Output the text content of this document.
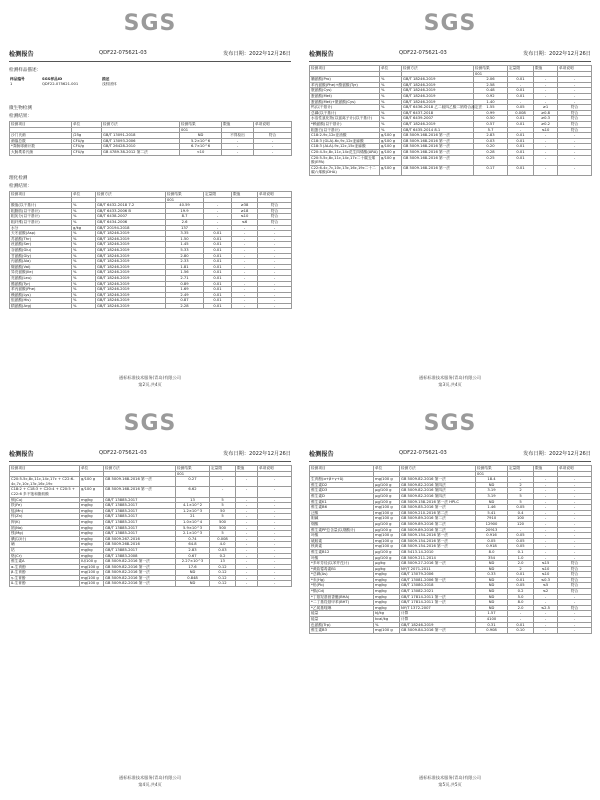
SGS
检测报告	QDF22-075621-03	发布日期：2022年12月26日
检测样品描述：
样品编号	SGS样品ID	描述
1	QDF22-075621.001	浅棕固体
微生物检测
检测结果：
检测项目	单位	检测方法	检测结果	限值	单项说明
			001		
沙门氏菌	/25g	GB/T 13091-2018	ND	不得检出	符合
菌落总数	CFU/g	GB/T 13093-2006	5.2×10^6	-	-
*粪肠球菌计数	CFU/g	GB/T 26428-2010	6.7×10^6	-	-
大肠埃希氏菌	CFU/g	GB 4789.38-2012 第二法	<10	-	-
理化检测
检测结果：
检测项目	单位	检测方法	检测结果	定量限	限值	单项说明
			001			
酸值(以干基计)	%	GB/T 6432-2018 7.2	40.59	-	≥38	符合
粗脂肪(以干基计)	%	GB/T 6433-2006 B	19.9	-	≥18	符合
粗灰分(以干基计)	%	GB/T 6438-2007	8.7	-	≤10	符合
粗纤维(以干基计)	%	GB/T 6434-2006	2.6	-	≤6	符合
水分	g/kg	GB/T 20194-2018	137	-	-	-
天冬氨酸(Asp)	%	GB/T 18246-2019	3.35	0.01	-	-
苏氨酸(Thr)	%	GB/T 18246-2019	1.50	0.01	-	-
丝氨酸(Ser)	%	GB/T 18246-2019	1.45	0.01	-	-
谷氨酸(Glu)	%	GB/T 18246-2019	5.33	0.01	-	-
甘氨酸(Gly)	%	GB/T 18246-2019	2.80	0.01	-	-
丙氨酸(Ala)	%	GB/T 18246-2019	2.33	0.01	-	-
缬氨酸(Val)	%	GB/T 18246-2019	1.81	0.01	-	-
异亮氨酸(Ile)	%	GB/T 18246-2019	1.56	0.01	-	-
亮氨酸(Leu)	%	GB/T 18246-2019	2.71	0.01	-	-
酪氨酸(Tyr)	%	GB/T 18246-2019	0.89	0.01	-	-
苯丙氨酸(Phe)	%	GB/T 18246-2019	1.69	0.01	-	-
赖氨酸(Lys)	%	GB/T 18246-2019	2.49	0.01	-	-
组氨酸(His)	%	GB/T 18246-2019	0.87	0.01	-	-
精氨酸(Arg)	%	GB/T 18246-2019	2.28	0.01	-	-
通标标准技术服务(青岛)有限公司
第2页,共4页
SGS
检测报告	QDF22-075621-03	发布日期：2022年12月26日
检测项目	单位	检测方法	检测结果	定量限	限值	单项说明
			001			
脯氨酸(Pro)	%	GB/T 18246-2019	2.06	0.01	-	-
苯丙氨酸(Phe)+酪氨酸(Tyr)	%	GB/T 18246-2019	2.58	-	-	-
胱氨酸(Cys)	%	GB/T 18246-2019	0.48	0.01	-	-
蛋氨酸(Met)	%	GB/T 18246-2019	0.92	0.01	-	-
蛋氨酸(Met)+胱氨酸(Cys)	%	GB/T 18246-2019	1.40	-	-	-
钙(以干基计)	%	GB/T 6436-2018 乙二胺四乙酸二钠络合滴定法	1.55	0.05	≥1	符合
总磷(以干基计)	%	GB/T 6437-2018	0.99	0.008	≥0.8	符合
水溶性氯化物(以氯离子计)(以干基计)	%	GB/T 6439-2007	0.50	0.01	≥0.3	符合
*赖氨酸(以干基计)	%	GB/T 18246-2019	0.57	0.01	≥0.2	符合
粗蛋白(以干基计)	%	GB/T 6435-2014 8.1	5.7	-	≤10	符合
C18:2-9c,12c亚油酸	g/100 g	GB 5009.168-2016 第一法	2.83	0.01	-	-
C18:3 (GLA)-6c,9c,12c亚麻酸	g/100 g	GB 5009.168-2016 第一法	0.03	0.01	-	-
C18:3 (ALA)-9c,12c,15c亚麻酸	g/100 g	GB 5009.168-2016 第一法	0.20	0.01	-	-
C20:4-5c,8c,11c,14c花生四烯酸(ARA)	g/100 g	GB 5009.168-2016 第一法	0.28	0.01	-	-
C20:5-5c,8c,11c,14c,17c二十碳五烯酸(EPA)	g/100 g	GB 5009.168-2016 第一法	0.25	0.01	-	-
C22:6-4c,7c,10c,13c,16c,19c二十二碳六烯酸(DHA)	g/100 g	GB 5009.168-2016 第一法	0.17	0.01	-	-
通标标准技术服务(青岛)有限公司
第3页,共4页
SGS
检测报告	QDF22-075621-03	发布日期：2022年12月26日
检测项目	单位	检测方法	检测结果	定量限	限值	单项说明
			001			
C20:5-5c,8c,11c,14c,17c + C22:6-4c,7c,10c,13c,16c,19c	g/100 g	GB 5009.168-2016 第一法	0.27	-	-	-
C18:2 + C18:3 + C20:4 + C20:5 + C22:6 多不饱和脂肪酸	g/100 g	GB 5009.168-2016 第一法	6.62	-	-	-
铜(Cu)	mg/kg	GB/T 13885-2017	13	5	-	-
铁(Fe)	mg/kg	GB/T 13885-2017	4.1×10^2	5	-	-
锰(Mn)	mg/kg	GB/T 13885-2017	1.2×10^3	50	-	-
锌(Zn)	mg/kg	GB/T 13885-2017	21	5	-	-
钾(K)	mg/kg	GB/T 13885-2017	1.0×10^4	500	-	-
钠(Na)	mg/kg	GB/T 13885-2017	5.9×10^3	500	-	-
镁(Mg)	mg/kg	GB/T 13885-2017	2.1×10^3	5	-	-
碘(以I计)	mg/kg	GB 5009.267-2016	0.74	0.008	-	-
硒	mg/kg	GB 5009.268-2016	64.8	4.0	-	-
钴	mg/kg	GB/T 13885-2017	2.83	0.03	-	-
铬(Cr)	mg/kg	GB/T 13883-2008	0.67	0.2	-	-
维生素A	IU/100 g	GB 5009.82-2016 第一法	2.27×10^3	13	-	-
α-生育酚	mg/100 g	GB 5009.82-2016 第一法	17.6	0.12	-	-
β-生育酚	mg/100 g	GB 5009.82-2016 第一法	ND	0.12	-	-
γ-生育酚	mg/100 g	GB 5009.82-2016 第一法	0.848	0.12	-	-
δ-生育酚	mg/100 g	GB 5009.82-2016 第一法	ND	0.12	-	-
通标标准技术服务(青岛)有限公司
第4页,共4页
SGS
检测报告	QDF22-075621-03	发布日期：2022年12月26日
检测项目	单位	检测方法	检测结果	定量限	限值	单项说明
			001			
生育酚(α+β+γ+δ)	mg/100 g	GB 5009.82-2016 第一法	18.4	-	-	-
维生素D2	μg/100 g	GB 5009.82-2016 第四法	ND	2	-	-
维生素D3	μg/100 g	GB 5009.82-2016 第四法	3.19	2	-	-
维生素D	μg/100 g	GB 5009.82-2016 第四法	3.19	5	-	-
维生素K1	μg/100 g	GB 5009.158-2016 第一法 HPLC	ND	5	-	-
维生素B6	mg/100 g	GB 5009.85-2016 第一法	1.46	0.05	-	-
泛酸	mg/100 g	GB 5009.210-2016 第二法	5.41	0.4	-	-
胆碱	mg/100 g	GB 5009.89-2016 第二法	7910	100	-	-
烟酸	μg/100 g	GB 5009.89-2016 第二法	12900	120	-	-
维生素PP总含量(以烟酸计)	μg/100 g	GB 5009.89-2016 第二法	20913	-	-	-
叶酸	mg/100 g	GB 5009.154-2016 第一法	0.916	0.05	-	-
硫胺素	mg/100 g	GB 5009.154-2016 第一法	0.05	0.05	-	-
核黄素	mg/100 g	GB 5009.154-2016 第一法	0.918	0.05	-	-
维生素B12	μg/100 g	GB 5413.14-2010	8.0	0.1	-	-
叶酸	μg/100 g	GB 5009.211-2014	354	1.0	-	-
*多环芳烃(以苯并芘计)	μg/kg	GB 5009.27-2016 第一法	ND	2.0	≤15	符合
*黄曲霉毒素B1	μg/kg	NY/T 2071-2011	ND	2	≤10	符合
*总砷(As)	mg/kg	GB/T 13079-2006	0.33	0.01	≤10	符合
*汞(Hg)	mg/kg	GB/T 13081-2006 第一法	ND	0.01	≤0.3	符合
*铅(Pb)	mg/kg	GB/T 13080-2018	ND	0.05	≤5	符合
*镉(Cd)	mg/kg	GB/T 13082-2021	ND	0.2	≤2	符合
*丁基羟基茴香醚(BHA)	mg/kg	GB/T 17814-2011 第一法	ND	5.0	-	-
*二丁基羟基甲苯(BHT)	mg/kg	GB/T 17814-2011 第一法	ND	8.0	-	-
*乙氧基喹啉	mg/kg	NY/T 1372-2007	ND	2.0	≤2.5	符合
能量	kJ/kg	计算	1.57	-	-	-
能量	kcal/kg	计算	4100	-	-	-
色氨酸(Trp)	%	GB/T 18246-2019	0.31	0.01	-	-
维生素B3	mg/100 g	GB 5009.84-2016 第一法	0.908	0.10	-	-
通标标准技术服务(青岛)有限公司
第5页,共5页
